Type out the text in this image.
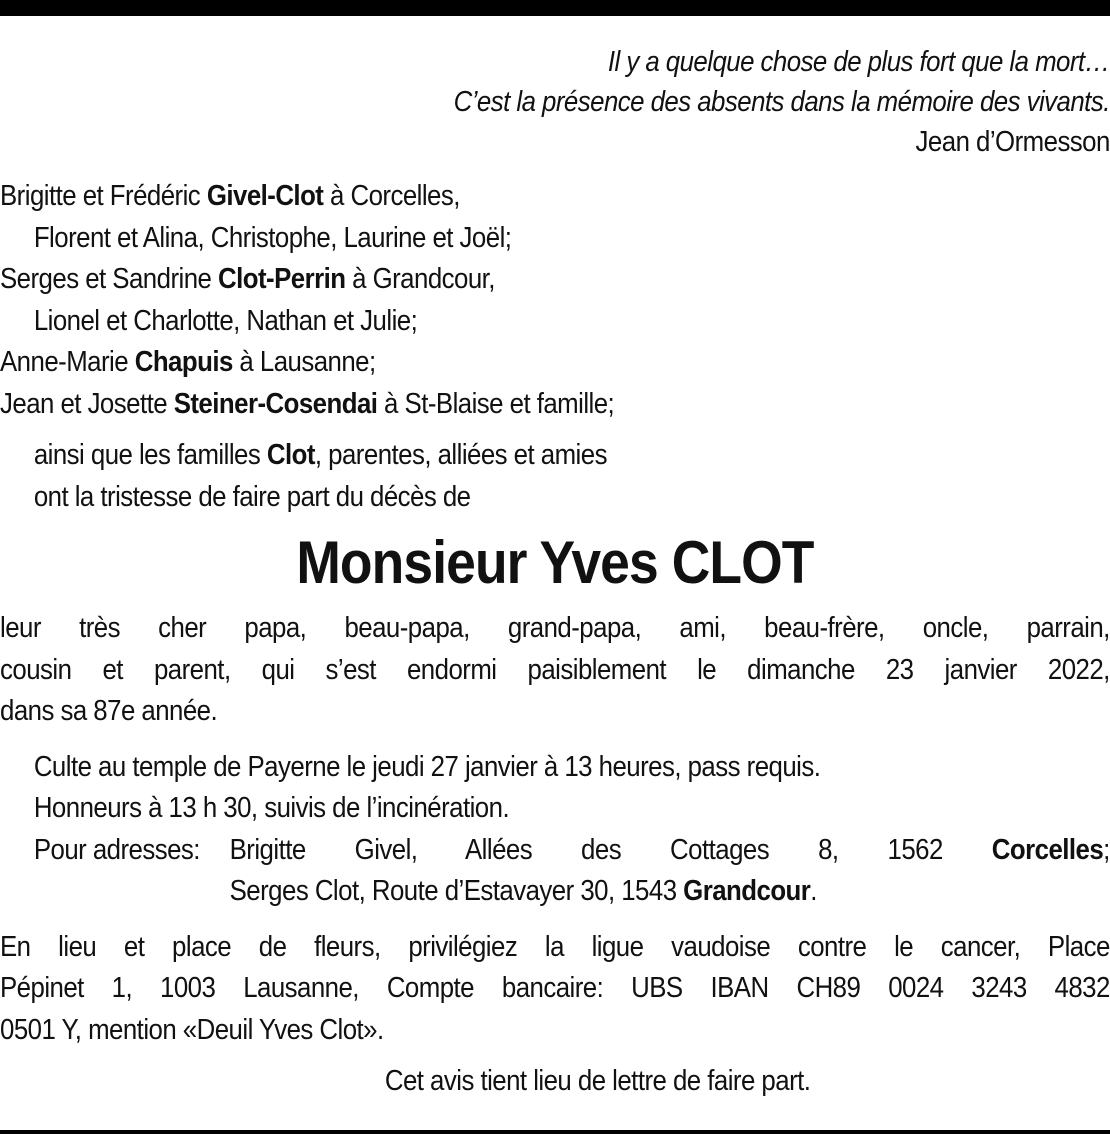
Il y a quelque chose de plus fort que la mort…
C’est la présence des absents dans la mémoire des vivants.
Jean d’Ormesson
Brigitte et Frédéric Givel-Clot à Corcelles,
Florent et Alina, Christophe, Laurine et Joël;
Serges et Sandrine Clot-Perrin à Grandcour,
Lionel et Charlotte, Nathan et Julie;
Anne-Marie Chapuis à Lausanne;
Jean et Josette Steiner-Cosendai à St-Blaise et famille;
ainsi que les familles Clot, parentes, alliées et amies
ont la tristesse de faire part du décès de
Monsieur Yves CLOT
leur très cher papa, beau-papa, grand-papa, ami, beau-frère, oncle, parrain,
cousin et parent, qui s’est endormi paisiblement le dimanche 23 janvier 2022,
dans sa 87e année.
Culte au temple de Payerne le jeudi 27 janvier à 13 heures, pass requis.
Honneurs à 13 h 30, suivis de l’incinération.
Pour adresses:	Brigitte Givel, Allées des Cottages 8, 1562 Corcelles;
Serges Clot, Route d’Estavayer 30, 1543 Grandcour.
En lieu et place de fleurs, privilégiez la ligue vaudoise contre le cancer, Place
Pépinet 1, 1003 Lausanne, Compte bancaire: UBS IBAN CH89 0024 3243 4832
0501 Y, mention «Deuil Yves Clot».
Cet avis tient lieu de lettre de faire part.
